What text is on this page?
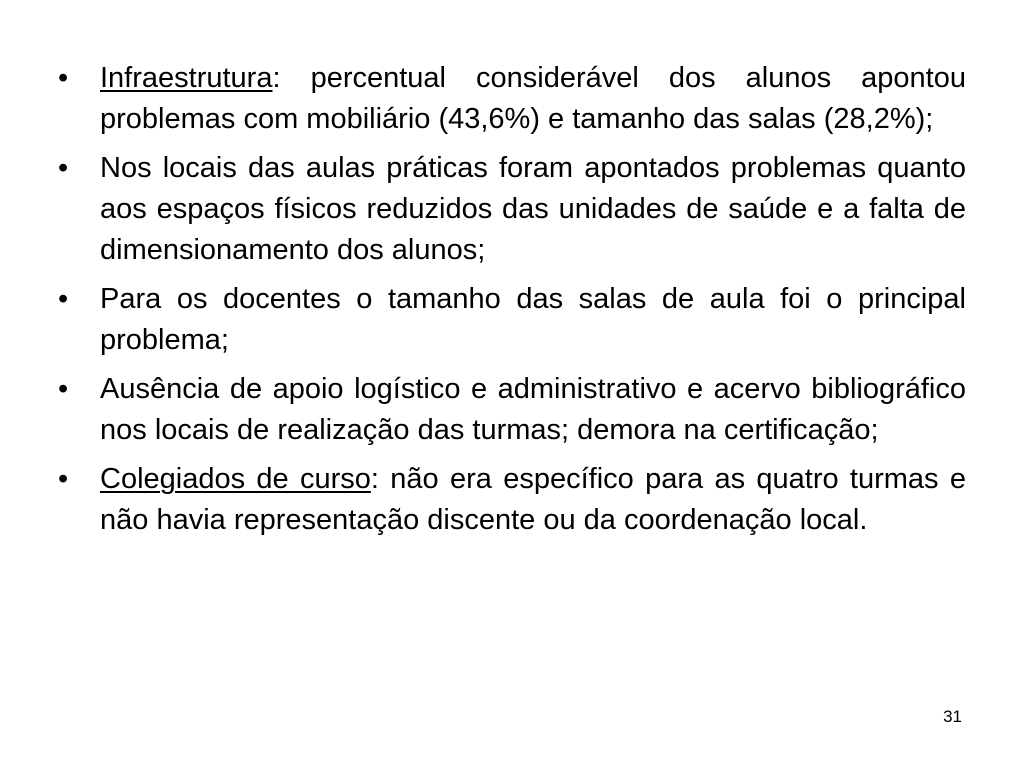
•	Infraestrutura: percentual considerável dos alunos apontou problemas com mobiliário (43,6%) e tamanho das salas (28,2%);
•	Nos locais das aulas práticas foram apontados problemas quanto aos espaços físicos reduzidos das unidades de saúde e a falta de dimensionamento dos alunos;
•	Para os docentes o tamanho das salas de aula foi o principal problema;
•	Ausência de apoio logístico e administrativo e acervo bibliográfico nos locais de realização das turmas; demora na certificação;
•	Colegiados de curso: não era específico para as quatro turmas e não havia representação discente ou da coordenação local.
31
